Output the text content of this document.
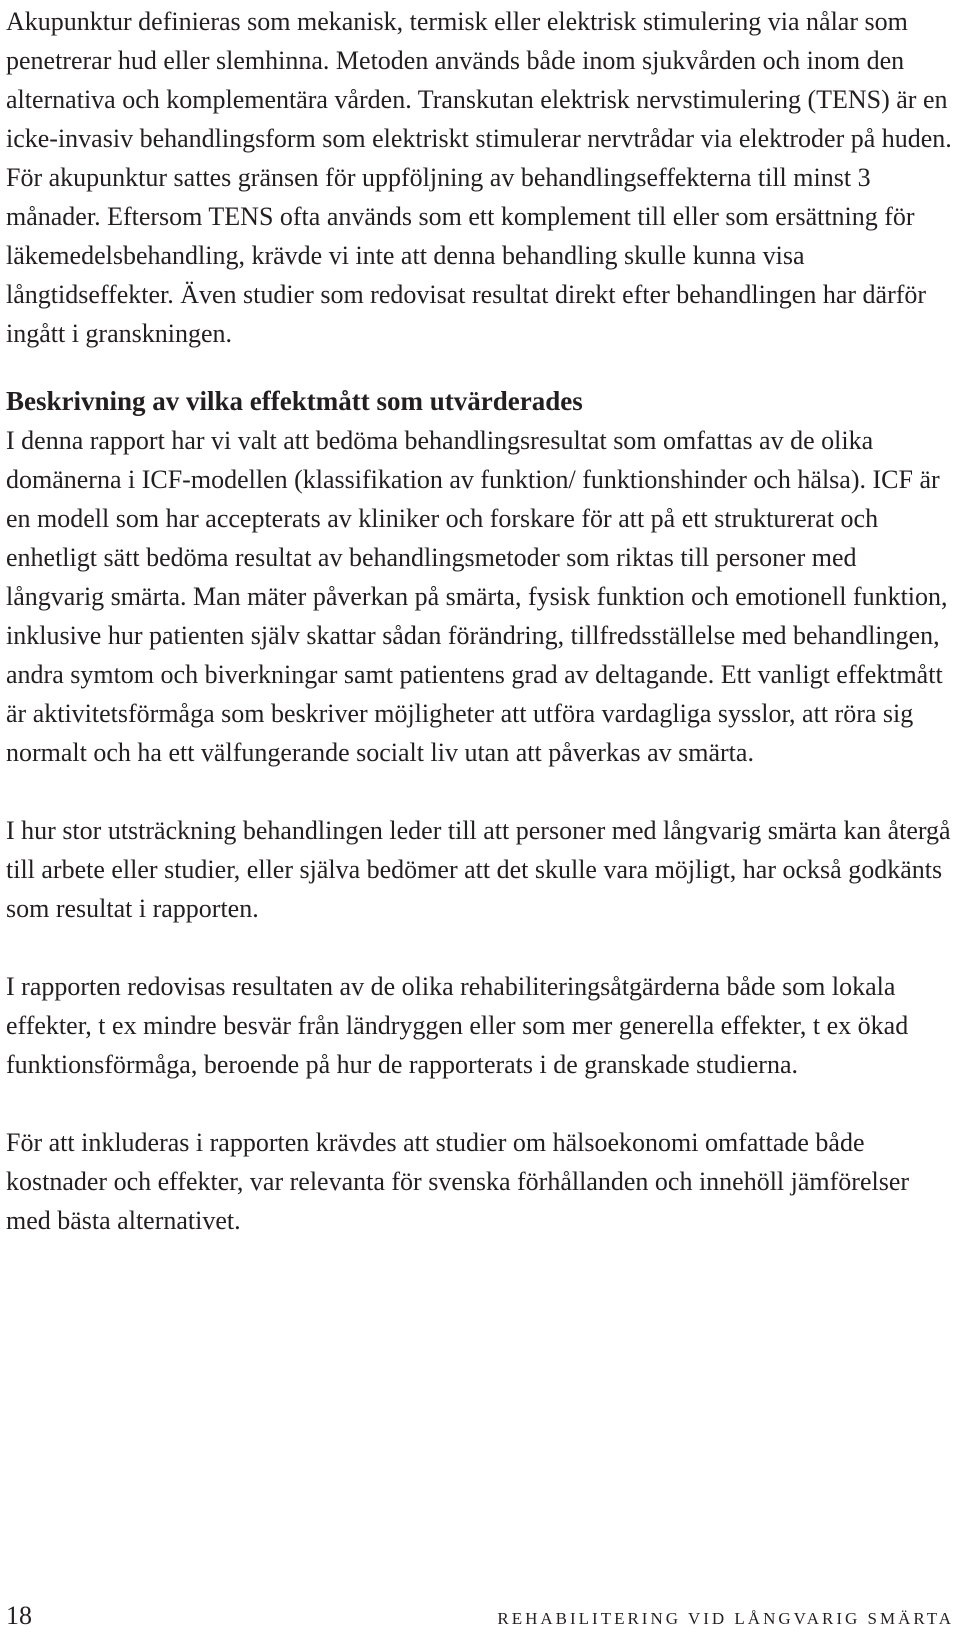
Akupunktur definieras som mekanisk, termisk eller elektrisk stimulering via nålar som penetrerar hud eller slemhinna. Metoden används både inom sjukvården och inom den alternativa och komplementära vården. Transkutan elektrisk nervstimulering (TENS) är en icke-invasiv behandlingsform som elektriskt stimulerar nervtrådar via elektroder på huden. För akupunktur sattes gränsen för uppföljning av behandlingseffekterna till minst 3 månader. Eftersom TENS ofta används som ett komplement till eller som ersättning för läkemedelsbehandling, krävde vi inte att denna behandling skulle kunna visa långtidseffekter. Även studier som redovisat resultat direkt efter behandlingen har därför ingått i granskningen.

Beskrivning av vilka effektmått som utvärderades

I denna rapport har vi valt att bedöma behandlingsresultat som omfattas av de olika domänerna i ICF-modellen (klassifikation av funktion/ funktionshinder och hälsa). ICF är en modell som har accepterats av kliniker och forskare för att på ett strukturerat och enhetligt sätt bedöma resultat av behandlingsmetoder som riktas till personer med långvarig smärta. Man mäter påverkan på smärta, fysisk funktion och emotionell funktion, inklusive hur patienten själv skattar sådan förändring, tillfredsställelse med behandlingen, andra symtom och biverkningar samt patientens grad av deltagande. Ett vanligt effektmått är aktivitetsförmåga som beskriver möjligheter att utföra vardagliga sysslor, att röra sig normalt och ha ett välfungerande socialt liv utan att påverkas av smärta.

I hur stor utsträckning behandlingen leder till att personer med långvarig smärta kan återgå till arbete eller studier, eller själva bedömer att det skulle vara möjligt, har också godkänts som resultat i rapporten.

I rapporten redovisas resultaten av de olika rehabiliteringsåtgärderna både som lokala effekter, t ex mindre besvär från ländryggen eller som mer generella effekter, t ex ökad funktionsförmåga, beroende på hur de rapporterats i de granskade studierna.

För att inkluderas i rapporten krävdes att studier om hälsoekonomi omfattade både kostnader och effekter, var relevanta för svenska förhållanden och innehöll jämförelser med bästa alternativet.

18	REHABILITERING VID LÅNGVARIG SMÄRTA
